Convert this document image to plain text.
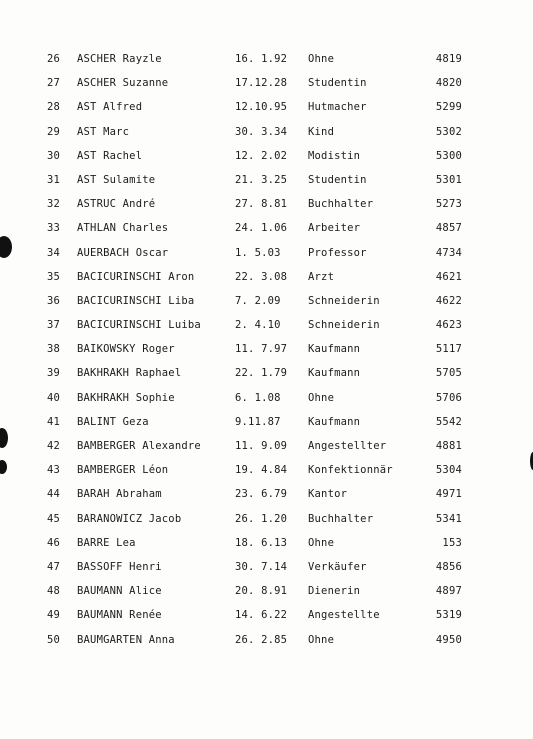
26	ASCHER Rayzle	16. 1.92	Ohne	4819
27	ASCHER Suzanne	17.12.28	Studentin	4820
28	AST Alfred	12.10.95	Hutmacher	5299
29	AST Marc	30. 3.34	Kind	5302
30	AST Rachel	12. 2.02	Modistin	5300
31	AST Sulamite	21. 3.25	Studentin	5301
32	ASTRUC André	27. 8.81	Buchhalter	5273
33	ATHLAN Charles	24. 1.06	Arbeiter	4857
34	AUERBACH Oscar	1. 5.03	Professor	4734
35	BACICURINSCHI Aron	22. 3.08	Arzt	4621
36	BACICURINSCHI Liba	7. 2.09	Schneiderin	4622
37	BACICURINSCHI Luiba	2. 4.10	Schneiderin	4623
38	BAIKOWSKY Roger	11. 7.97	Kaufmann	5117
39	BAKHRAKH Raphael	22. 1.79	Kaufmann	5705
40	BAKHRAKH Sophie	6. 1.08	Ohne	5706
41	BALINT Geza	9.11.87	Kaufmann	5542
42	BAMBERGER Alexandre	11. 9.09	Angestellter	4881
43	BAMBERGER Léon	19. 4.84	Konfektionnär	5304
44	BARAH Abraham	23. 6.79	Kantor	4971
45	BARANOWICZ Jacob	26. 1.20	Buchhalter	5341
46	BARRE Lea	18. 6.13	Ohne	153
47	BASSOFF Henri	30. 7.14	Verkäufer	4856
48	BAUMANN Alice	20. 8.91	Dienerin	4897
49	BAUMANN Renée	14. 6.22	Angestellte	5319
50	BAUMGARTEN Anna	26. 2.85	Ohne	4950
